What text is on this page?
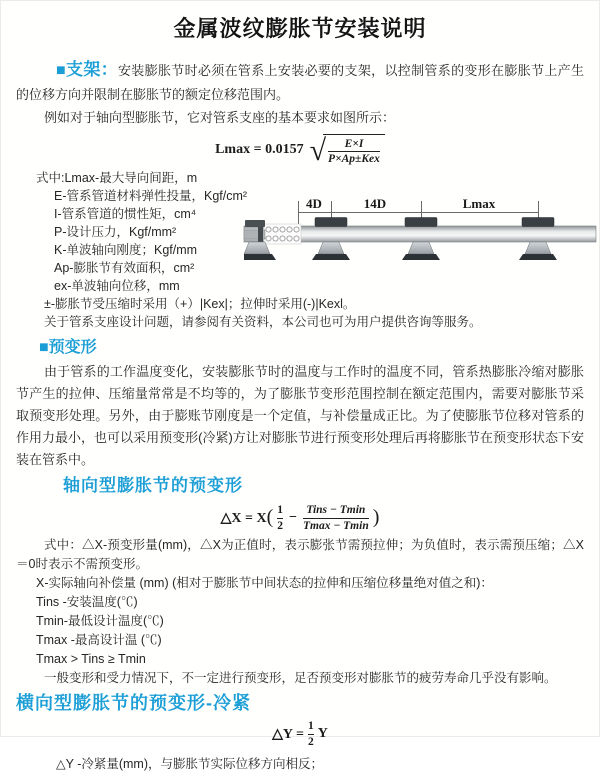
金属波纹膨胀节安装说明

■支架：安装膨胀节时必须在管系上安装必要的支架，以控制管系的变形在膨胀节上产生的位移方向并限制在膨胀节的额定位移范围内。

例如对于轴向型膨胀节，它对管系支座的基本要求如图所示：

Lmax = 0.0157 √ $\frac{E\times I}{\text{P×Ap±Kex}}$
式中:Lmax-最大导向间距，m
E-管系管道材料弹性投量，Kgf/cm²
I-管系管道的惯性矩，cm⁴
P-设计压力，Kgf/mm²
K-单波轴向刚度；Kgf/mm
Ap-膨胀节有效面积，cm²
ex-单波轴向位移，mm
±-膨胀节受压缩时采用（+）|Kex|；拉伸时采用(-)|Kexl。
关于管系支座设计问题，请参阅有关资料，本公司也可为用户提供咨询等服务。
4D	14D	Lmax
■预变形

由于管系的工作温度变化，安装膨胀节时的温度与工作时的温度不同，管系热膨胀冷缩对膨胀节产生的拉伸、压缩量常常是不均等的，为了膨胀节变形范围控制在额定范围内，需要对膨胀节采取预变形处理。另外，由于膨账节刚度是一个定值，与补偿量成正比。为了使膨胀节位移对管系的作用力最小，也可以采用预变形(冷紧)方让对膨胀节进行预变形处理后再将膨胀节在预变形状态下安装在管系中。

轴向型膨胀节的预变形
△X = X ( $\frac{1}{2} - \frac{\text{Tins − Tmin}}{Tmax - Tmin}$ )
式中：△X-预变形量(mm)，△X为正值时，表示膨张节需预拉伸；为负值时，表示需预压缩；△X＝0时表示不需预变形。
X-实际轴向补偿量 (mm) (相对于膨胀节中间状态的拉伸和压缩位移量绝对值之和)：
Tins -安装温度(℃)
Tmin-最低设计温度(℃)
Tmax -最高设计温 (℃)
Tmax > Tins ≥ Tmin
一般变形和受力情况下，不一定进行预变形，足否预变形对膨胀节的疲劳寿命几乎没有影响。
横向型膨胀节的预变形-冷紧
△Y = $\frac{1}{2}$ Y
△Y -冷紧量(mm)，与膨胀节实际位移方向相反；
